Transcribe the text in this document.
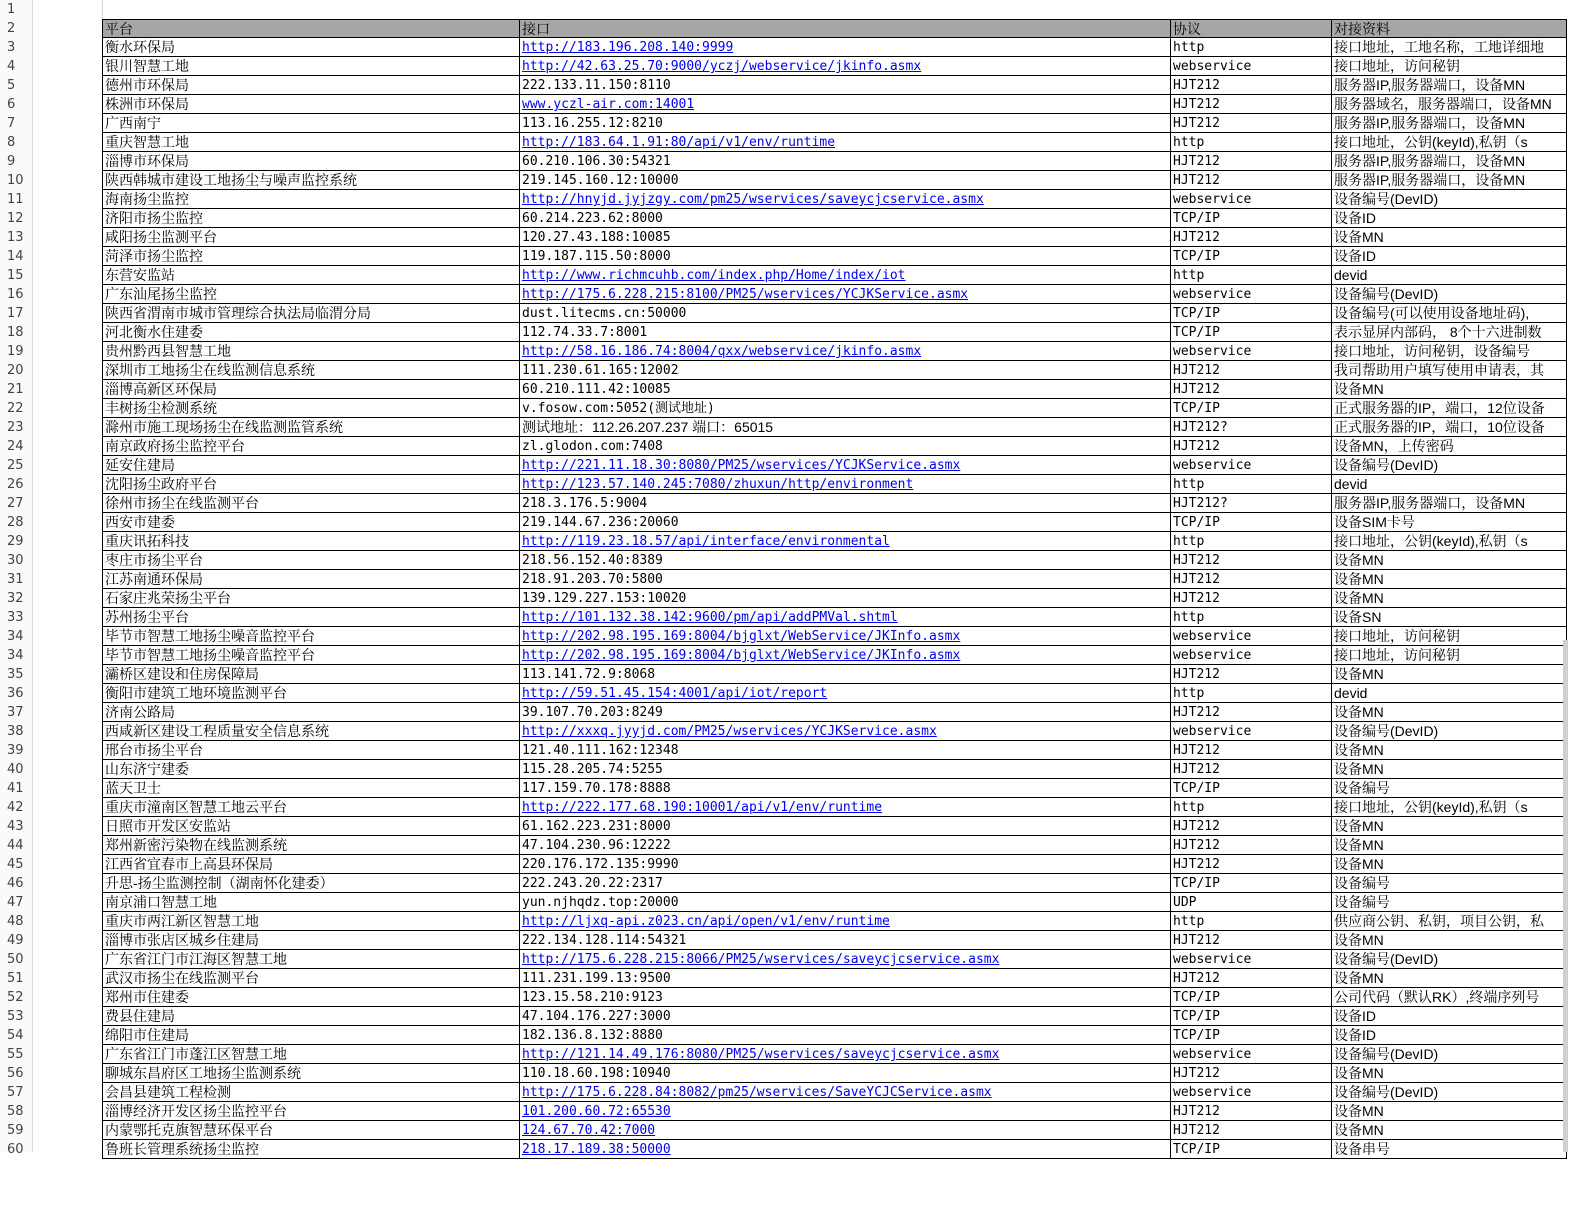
1
2	平台	接口	协议	对接资料
3	衡水环保局	http://183.196.208.140:9999	http	接口地址，工地名称，工地详细地
4	银川智慧工地	http://42.63.25.70:9000/yczj/webservice/jkinfo.asmx	webservice	接口地址，访问秘钥
5	德州市环保局	222.133.11.150:8110	HJT212	服务器IP,服务器端口，设备MN
6	株洲市环保局	www.yczl-air.com:14001	HJT212	服务器域名，服务器端口，设备MN
7	广西南宁	113.16.255.12:8210	HJT212	服务器IP,服务器端口，设备MN
8	重庆智慧工地	http://183.64.1.91:80/api/v1/env/runtime	http	接口地址，公钥(keyId),私钥（s
9	淄博市环保局	60.210.106.30:54321	HJT212	服务器IP,服务器端口，设备MN
10	陕西韩城市建设工地扬尘与噪声监控系统	219.145.160.12:10000	HJT212	服务器IP,服务器端口，设备MN
11	海南扬尘监控	http://hnyjd.jyjzgy.com/pm25/wservices/saveycjcservice.asmx	webservice	设备编号(DevID)
12	济阳市扬尘监控	60.214.223.62:8000	TCP/IP	设备ID
13	咸阳扬尘监测平台	120.27.43.188:10085	HJT212	设备MN
14	菏泽市扬尘监控	119.187.115.50:8000	TCP/IP	设备ID
15	东营安监站	http://www.richmcuhb.com/index.php/Home/index/iot	http	devid
16	广东汕尾扬尘监控	http://175.6.228.215:8100/PM25/wservices/YCJKService.asmx	webservice	设备编号(DevID)
17	陕西省渭南市城市管理综合执法局临渭分局	dust.litecms.cn:50000	TCP/IP	设备编号(可以使用设备地址码),
18	河北衡水住建委	112.74.33.7:8001	TCP/IP	表示显屏内部码， 8个十六进制数
19	贵州黔西县智慧工地	http://58.16.186.74:8004/qxx/webservice/jkinfo.asmx	webservice	接口地址，访问秘钥，设备编号
20	深圳市工地扬尘在线监测信息系统	111.230.61.165:12002	HJT212	我司帮助用户填写使用申请表，其
21	淄博高新区环保局	60.210.111.42:10085	HJT212	设备MN
22	丰树扬尘检测系统	v.fosow.com:5052(测试地址)	TCP/IP	正式服务器的IP，端口，12位设备
23	滁州市施工现场扬尘在线监测监管系统	测试地址：112.26.207.237 端口：65015	HJT212?	正式服务器的IP，端口，10位设备
24	南京政府扬尘监控平台	zl.glodon.com:7408	HJT212	设备MN，上传密码
25	延安住建局	http://221.11.18.30:8080/PM25/wservices/YCJKService.asmx	webservice	设备编号(DevID)
26	沈阳扬尘政府平台	http://123.57.140.245:7080/zhuxun/http/environment	http	devid
27	徐州市扬尘在线监测平台	218.3.176.5:9004	HJT212?	服务器IP,服务器端口，设备MN
28	西安市建委	219.144.67.236:20060	TCP/IP	设备SIM卡号
29	重庆讯拓科技	http://119.23.18.57/api/interface/environmental	http	接口地址，公钥(keyId),私钥（s
30	枣庄市扬尘平台	218.56.152.40:8389	HJT212	设备MN
31	江苏南通环保局	218.91.203.70:5800	HJT212	设备MN
32	石家庄兆荣扬尘平台	139.129.227.153:10020	HJT212	设备MN
33	苏州扬尘平台	http://101.132.38.142:9600/pm/api/addPMVal.shtml	http	设备SN
34	毕节市智慧工地扬尘噪音监控平台	http://202.98.195.169:8004/bjglxt/WebService/JKInfo.asmx	webservice	接口地址，访问秘钥
34	毕节市智慧工地扬尘噪音监控平台	http://202.98.195.169:8004/bjglxt/WebService/JKInfo.asmx	webservice	接口地址，访问秘钥
35	灞桥区建设和住房保障局	113.141.72.9:8068	HJT212	设备MN
36	衡阳市建筑工地环境监测平台	http://59.51.45.154:4001/api/iot/report	http	devid
37	济南公路局	39.107.70.203:8249	HJT212	设备MN
38	西咸新区建设工程质量安全信息系统	http://xxxq.jyyjd.com/PM25/wservices/YCJKService.asmx	webservice	设备编号(DevID)
39	邢台市扬尘平台	121.40.111.162:12348	HJT212	设备MN
40	山东济宁建委	115.28.205.74:5255	HJT212	设备MN
41	蓝天卫士	117.159.70.178:8888	TCP/IP	设备编号
42	重庆市潼南区智慧工地云平台	http://222.177.68.190:10001/api/v1/env/runtime	http	接口地址，公钥(keyId),私钥（s
43	日照市开发区安监站	61.162.223.231:8000	HJT212	设备MN
44	郑州新密污染物在线监测系统	47.104.230.96:12222	HJT212	设备MN
45	江西省宜春市上高县环保局	220.176.172.135:9990	HJT212	设备MN
46	升思-扬尘监测控制（湖南怀化建委）	222.243.20.22:2317	TCP/IP	设备编号
47	南京浦口智慧工地	yun.njhqdz.top:20000	UDP	设备编号
48	重庆市两江新区智慧工地	http://ljxq-api.z023.cn/api/open/v1/env/runtime	http	供应商公钥、私钥，项目公钥，私
49	淄博市张店区城乡住建局	222.134.128.114:54321	HJT212	设备MN
50	广东省江门市江海区智慧工地	http://175.6.228.215:8066/PM25/wservices/saveycjcservice.asmx	webservice	设备编号(DevID)
51	武汉市扬尘在线监测平台	111.231.199.13:9500	HJT212	设备MN
52	郑州市住建委	123.15.58.210:9123	TCP/IP	公司代码（默认RK）,终端序列号
53	费县住建局	47.104.176.227:3000	TCP/IP	设备ID
54	绵阳市住建局	182.136.8.132:8880	TCP/IP	设备ID
55	广东省江门市蓬江区智慧工地	http://121.14.49.176:8080/PM25/wservices/saveycjcservice.asmx	webservice	设备编号(DevID)
56	聊城东昌府区工地扬尘监测系统	110.18.60.198:10940	HJT212	设备MN
57	会昌县建筑工程检测	http://175.6.228.84:8082/pm25/wservices/SaveYCJCService.asmx	webservice	设备编号(DevID)
58	淄博经济开发区扬尘监控平台	101.200.60.72:65530	HJT212	设备MN
59	内蒙鄂托克旗智慧环保平台	124.67.70.42:7000	HJT212	设备MN
60	鲁班长管理系统扬尘监控	218.17.189.38:50000	TCP/IP	设备串号
